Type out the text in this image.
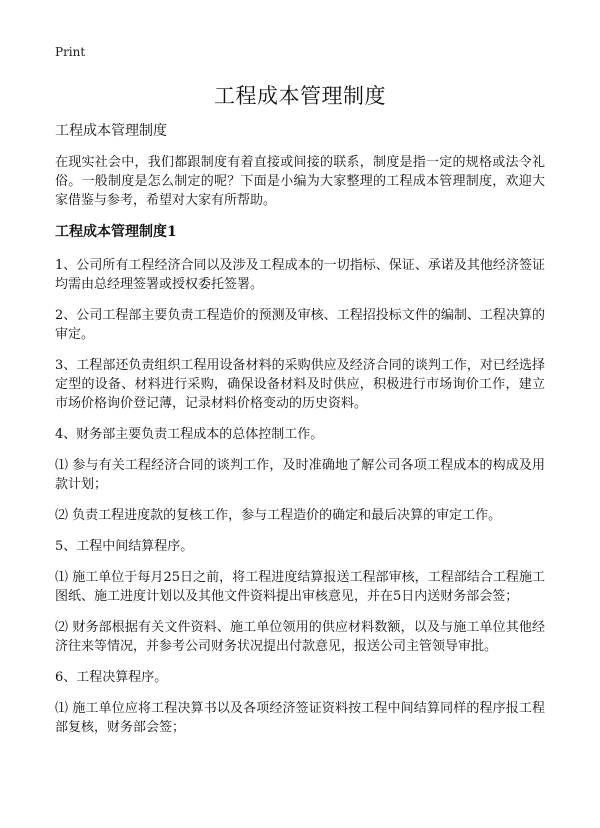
Print
工程成本管理制度

工程成本管理制度

在现实社会中，我们都跟制度有着直接或间接的联系，制度是指一定的规格或法令礼俗。一般制度是怎么制定的呢？下面是小编为大家整理的工程成本管理制度，欢迎大家借鉴与参考，希望对大家有所帮助。

工程成本管理制度1

1、公司所有工程经济合同以及涉及工程成本的一切指标、保证、承诺及其他经济签证均需由总经理签署或授权委托签署。

2、公司工程部主要负责工程造价的预测及审核、工程招投标文件的编制、工程决算的审定。

3、工程部还负责组织工程用设备材料的采购供应及经济合同的谈判工作，对已经选择定型的设备、材料进行采购，确保设备材料及时供应，积极进行市场询价工作，建立市场价格询价登记薄，记录材料价格变动的历史资料。

4、财务部主要负责工程成本的总体控制工作。

⑴ 参与有关工程经济合同的谈判工作，及时准确地了解公司各项工程成本的构成及用款计划；

⑵ 负责工程进度款的复核工作，参与工程造价的确定和最后决算的审定工作。

5、工程中间结算程序。

⑴ 施工单位于每月25日之前，将工程进度结算报送工程部审核，工程部结合工程施工图纸、施工进度计划以及其他文件资料提出审核意见，并在5日内送财务部会签；

⑵ 财务部根据有关文件资料、施工单位领用的供应材料数额，以及与施工单位其他经济往来等情况，并参考公司财务状况提出付款意见，报送公司主管领导审批。

6、工程决算程序。

⑴ 施工单位应将工程决算书以及各项经济签证资料按工程中间结算同样的程序报工程部复核，财务部会签；
